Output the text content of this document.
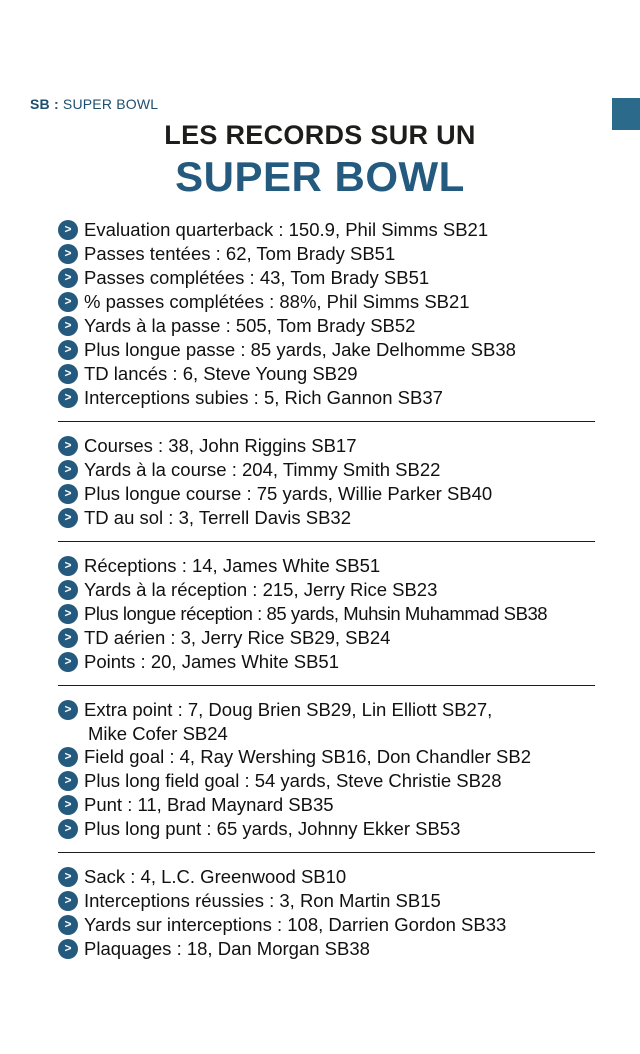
SB : SUPER BOWL
LES RECORDS SUR UN
SUPER BOWL
> Evaluation quarterback : 150.9, Phil Simms SB21
> Passes tentées : 62, Tom Brady SB51
> Passes complétées : 43, Tom Brady SB51
> % passes complétées : 88%, Phil Simms SB21
> Yards à la passe : 505, Tom Brady SB52
> Plus longue passe : 85 yards, Jake Delhomme SB38
> TD lancés : 6, Steve Young SB29
> Interceptions subies : 5, Rich Gannon SB37
> Courses : 38, John Riggins SB17
> Yards à la course : 204, Timmy Smith SB22
> Plus longue course : 75 yards, Willie Parker SB40
> TD au sol : 3, Terrell Davis SB32
> Réceptions : 14, James White SB51
> Yards à la réception : 215, Jerry Rice SB23
> Plus longue réception : 85 yards, Muhsin Muhammad SB38
> TD aérien : 3, Jerry Rice SB29, SB24
> Points : 20, James White SB51
> Extra point : 7, Doug Brien SB29, Lin Elliott SB27,
Mike Cofer SB24
> Field goal : 4, Ray Wershing SB16, Don Chandler SB2
> Plus long field goal : 54 yards, Steve Christie SB28
> Punt : 11, Brad Maynard SB35
> Plus long punt : 65 yards, Johnny Ekker SB53
> Sack : 4, L.C. Greenwood SB10
> Interceptions réussies : 3, Ron Martin SB15
> Yards sur interceptions : 108, Darrien Gordon SB33
> Plaquages : 18, Dan Morgan SB38
